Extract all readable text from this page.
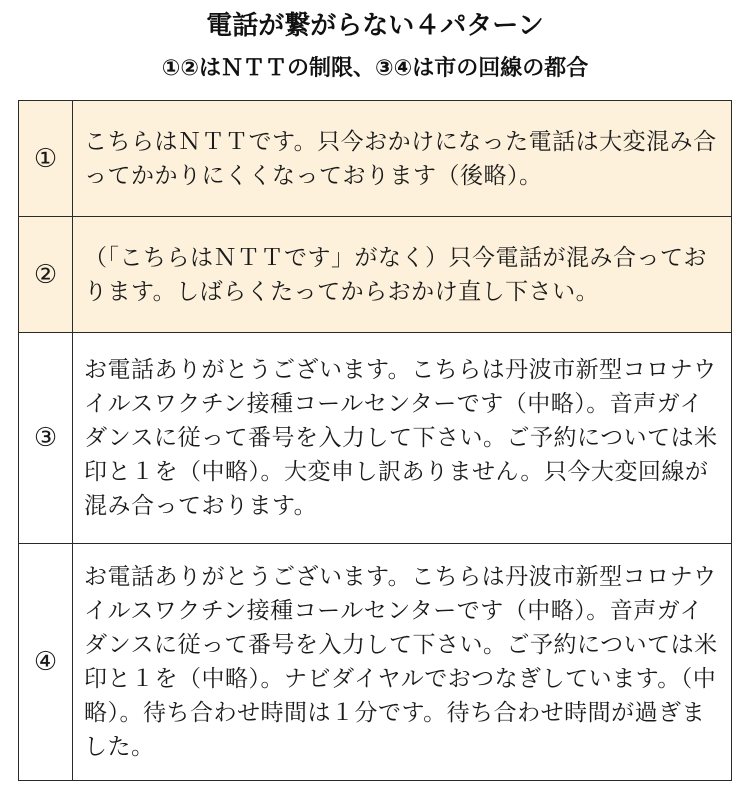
電話が繋がらない４パターン
①②はＮＴＴの制限、③④は市の回線の都合
①	こちらはＮＴＴです。只今おかけになった電話は大変混み合ってかかりにくくなっております（後略）。
②	（「こちらはＮＴＴです」がなく）只今電話が混み合っております。しばらくたってからおかけ直し下さい。
③	お電話ありがとうございます。こちらは丹波市新型コロナウイルスワクチン接種コールセンターです（中略）。音声ガイダンスに従って番号を入力して下さい。ご予約については米印と１を（中略）。大変申し訳ありません。只今大変回線が混み合っております。
④	お電話ありがとうございます。こちらは丹波市新型コロナウイルスワクチン接種コールセンターです（中略）。音声ガイダンスに従って番号を入力して下さい。ご予約については米印と１を（中略）。ナビダイヤルでおつなぎしています。（中略）。待ち合わせ時間は１分です。待ち合わせ時間が過ぎました。
